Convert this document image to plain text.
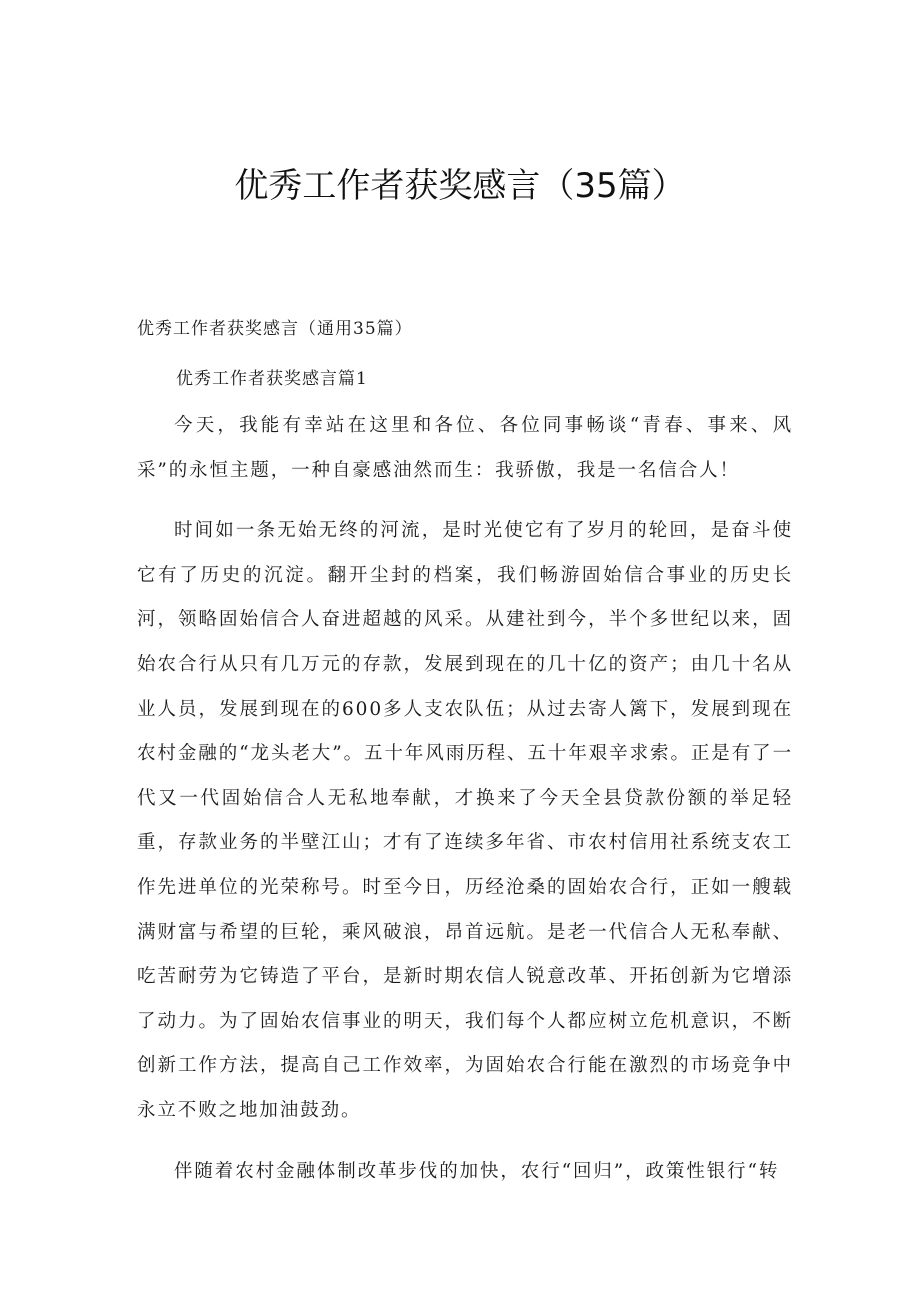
优秀工作者获奖感言（35篇）

优秀工作者获奖感言（通用35篇）

优秀工作者获奖感言篇1

今天，我能有幸站在这里和各位、各位同事畅谈“青春、事来、风采”的永恒主题，一种自豪感油然而生：我骄傲，我是一名信合人！

时间如一条无始无终的河流，是时光使它有了岁月的轮回，是奋斗使它有了历史的沉淀。翻开尘封的档案，我们畅游固始信合事业的历史长河，领略固始信合人奋进超越的风采。从建社到今，半个多世纪以来，固始农合行从只有几万元的存款，发展到现在的几十亿的资产；由几十名从业人员，发展到现在的600多人支农队伍；从过去寄人篱下，发展到现在农村金融的“龙头老大”。五十年风雨历程、五十年艰辛求索。正是有了一代又一代固始信合人无私地奉献，才换来了今天全县贷款份额的举足轻重，存款业务的半壁江山；才有了连续多年省、市农村信用社系统支农工作先进单位的光荣称号。时至今日，历经沧桑的固始农合行，正如一艘载满财富与希望的巨轮，乘风破浪，昂首远航。是老一代信合人无私奉献、吃苦耐劳为它铸造了平台，是新时期农信人锐意改革、开拓创新为它增添了动力。为了固始农信事业的明天，我们每个人都应树立危机意识，不断创新工作方法，提高自己工作效率，为固始农合行能在激烈的市场竞争中永立不败之地加油鼓劲。

伴随着农村金融体制改革步伐的加快，农行“回归”，政策性银行“转
